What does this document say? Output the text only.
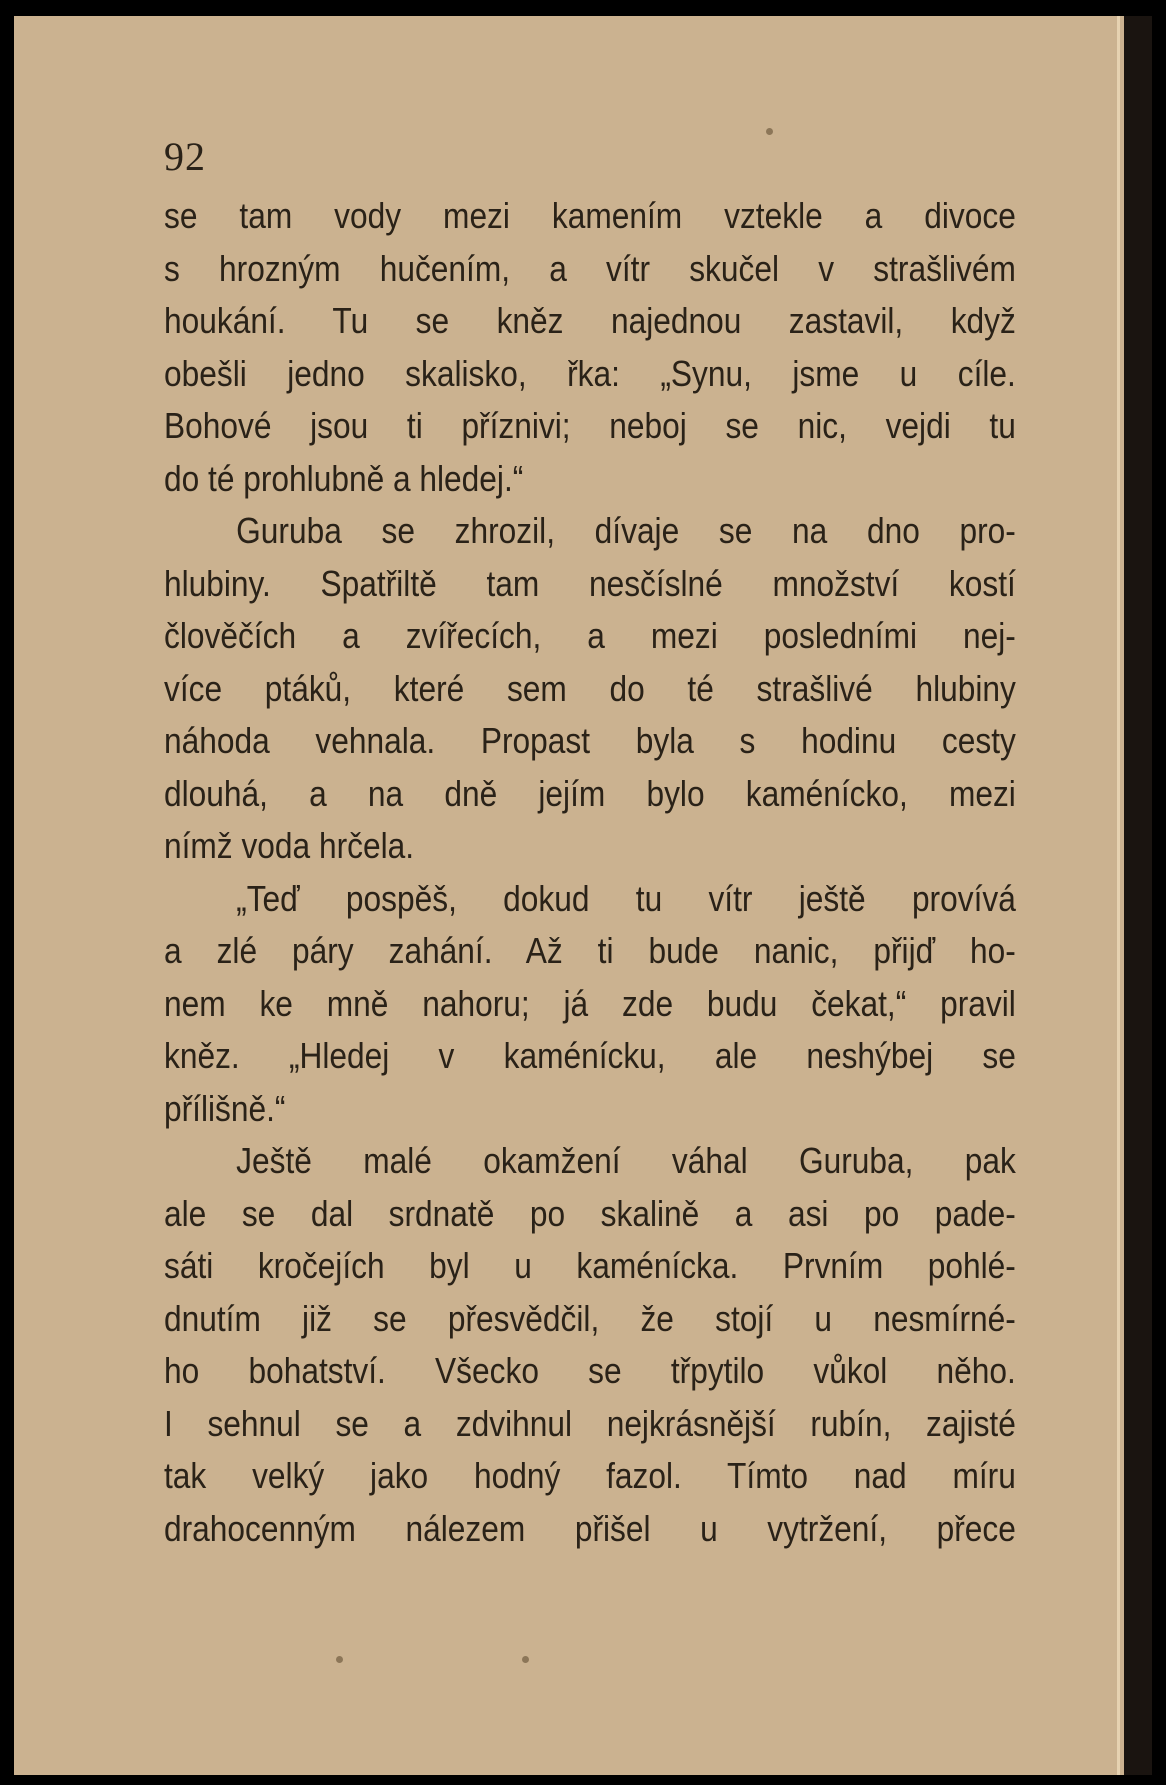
92
se tam vody mezi kamením vztekle a divoce
s hrozným hučením, a vítr skučel v strašlivém
houkání. Tu se kněz najednou zastavil, když
obešli jedno skalisko, řka: „Synu, jsme u cíle.
Bohové jsou ti příznivi; neboj se nic, vejdi tu
do té prohlubně a hledej.“
Guruba se zhrozil, dívaje se na dno pro-
hlubiny. Spatřiltě tam nesčíslné množství kostí
člověčích a zvířecích, a mezi posledními nej-
více ptáků, které sem do té strašlivé hlubiny
náhoda vehnala. Propast byla s hodinu cesty
dlouhá, a na dně jejím bylo kaménícko, mezi
nímž voda hrčela.
„Teď pospěš, dokud tu vítr ještě provívá
a zlé páry zahání. Až ti bude nanic, přijď ho-
nem ke mně nahoru; já zde budu čekat,“ pravil
kněz. „Hledej v kaménícku, ale neshýbej se
přílišně.“
Ještě malé okamžení váhal Guruba, pak
ale se dal srdnatě po skalině a asi po pade-
sáti kročejích byl u kaménícka. Prvním pohlé-
dnutím již se přesvědčil, že stojí u nesmírné-
ho bohatství. Všecko se třpytilo vůkol něho.
I sehnul se a zdvihnul nejkrásnější rubín, zajisté
tak velký jako hodný fazol. Tímto nad míru
drahocenným nálezem přišel u vytržení, přece
